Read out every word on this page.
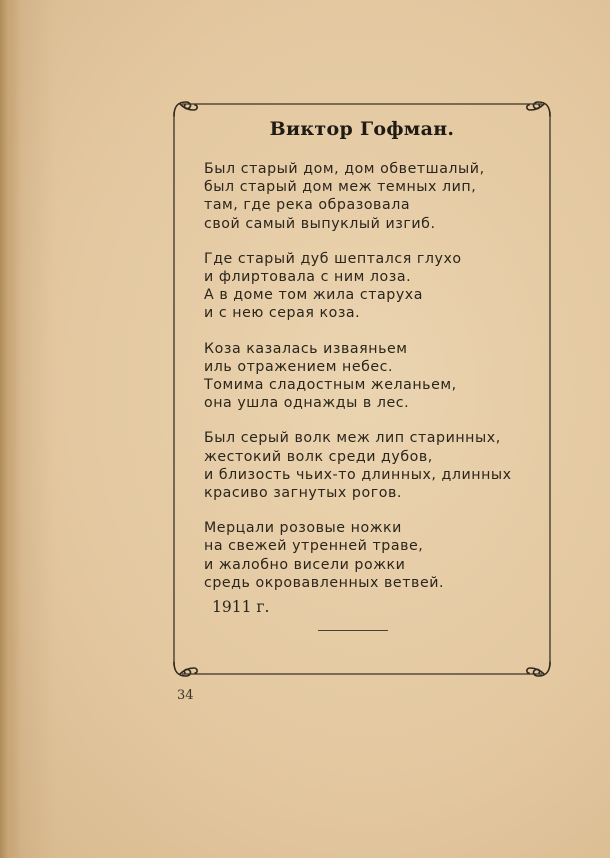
Виктор Гофман.
Был старый дом, дом обветшалый,
был старый дом меж темных лип,
там, где река образовала
свой самый выпуклый изгиб.
Где старый дуб шептался глухо
и флиртовала с ним лоза.
А в доме том жила старуха
и с нею серая коза.
Коза казалась изваяньем
иль отражением небес.
Томима сладостным желаньем,
она ушла однажды в лес.
Был серый волк меж лип старинных,
жестокий волк среди дубов,
и близость чьих-то длинных, длинных
красиво загнутых рогов.
Мерцали розовые ножки
на свежей утренней траве,
и жалобно висели рожки
средь окровавленных ветвей.
1911 г.
34
